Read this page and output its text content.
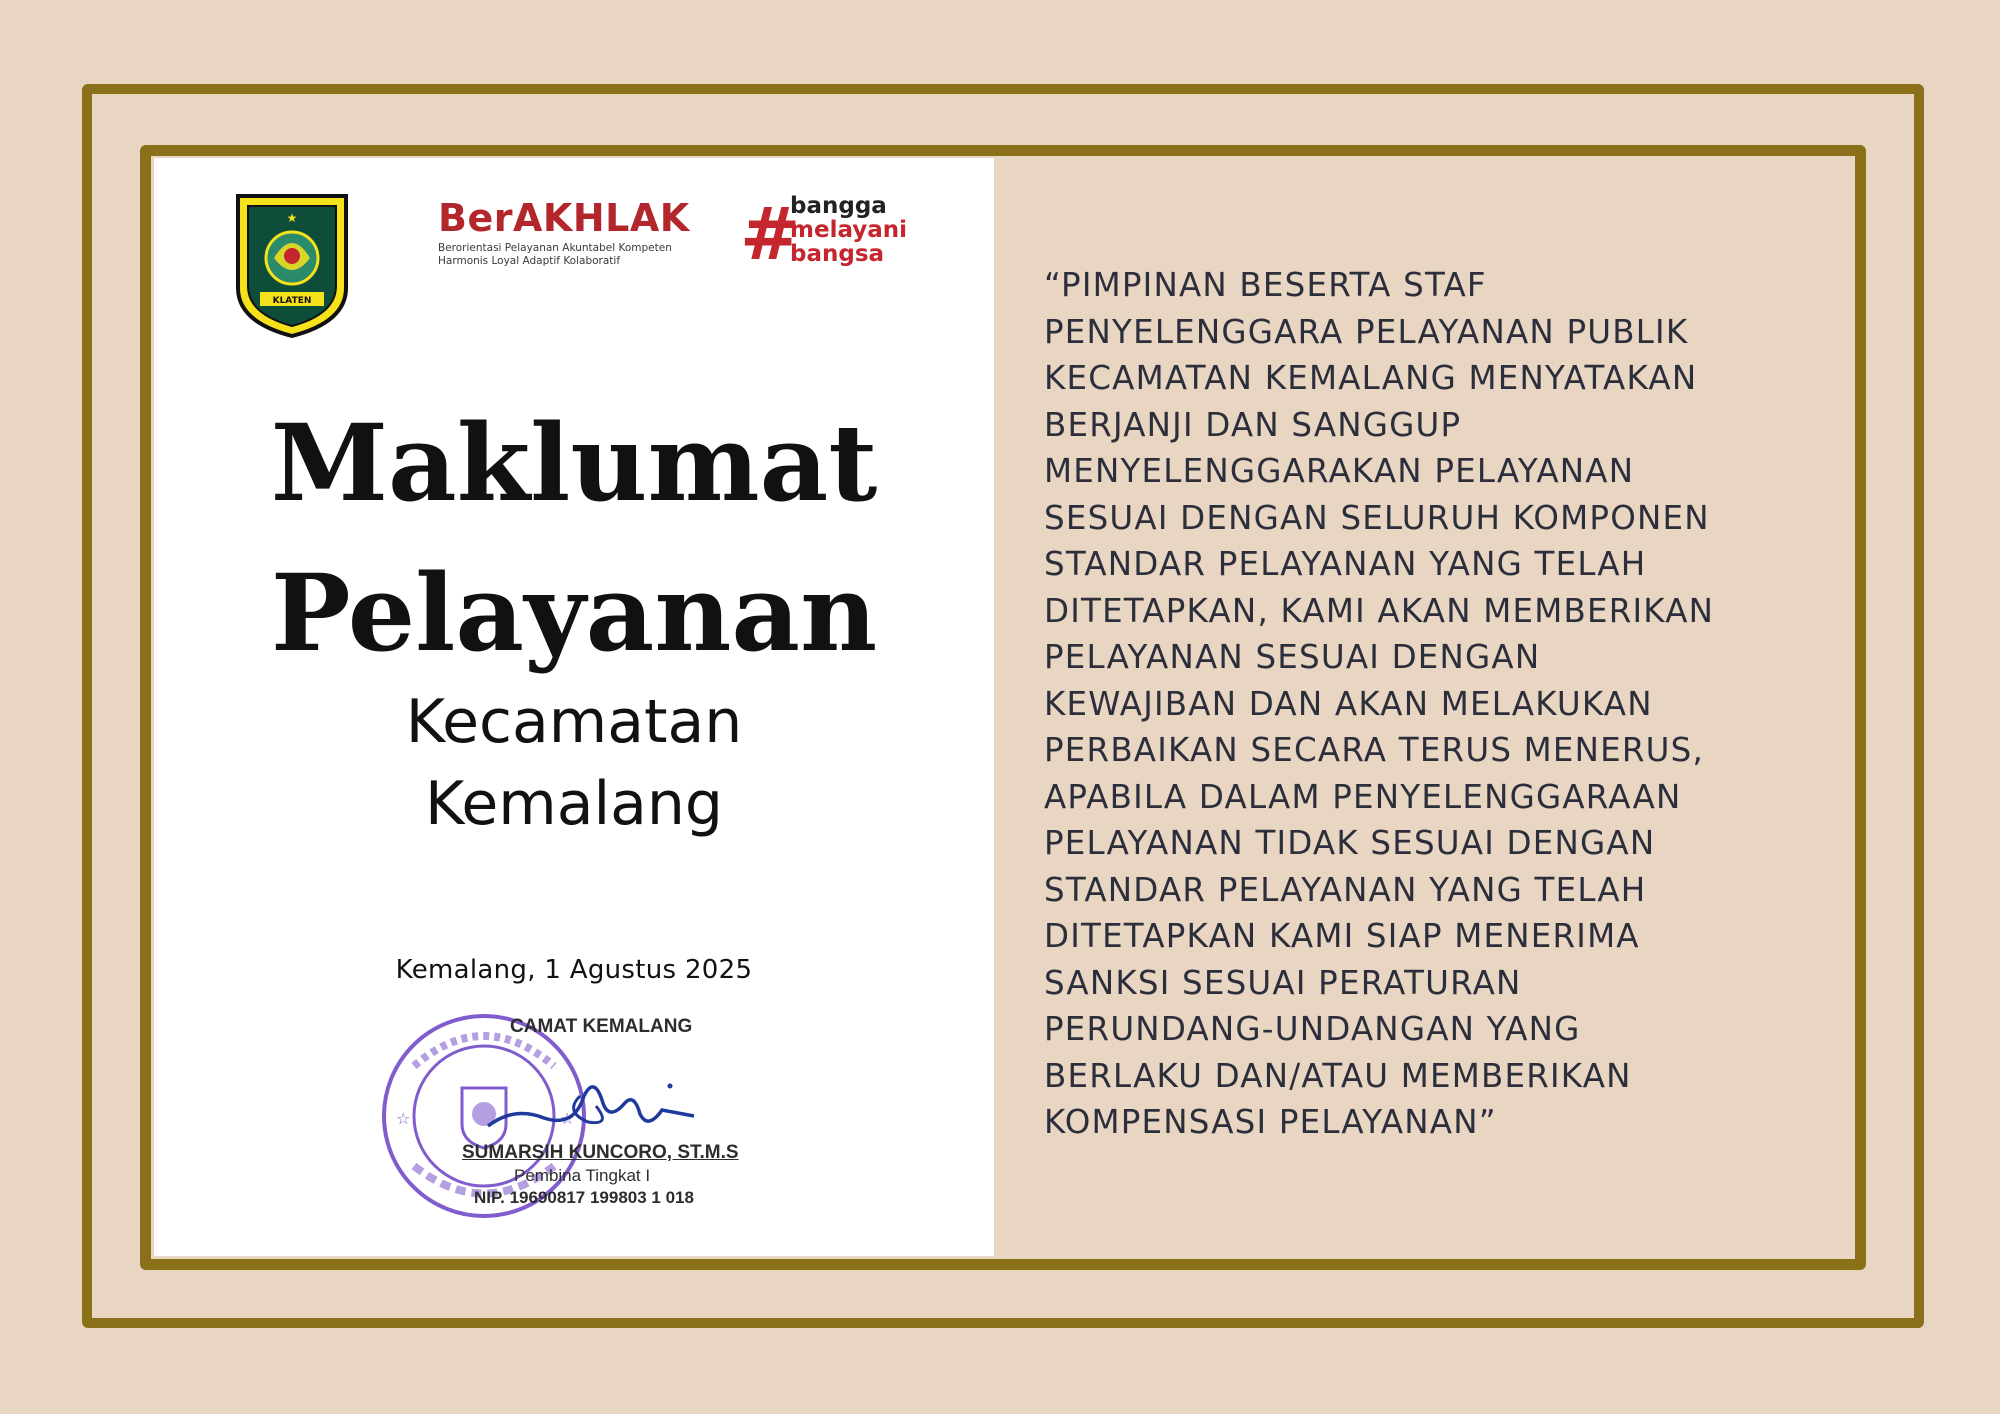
KLATEN
★	BerAKHLAK
Berorientasi Pelayanan Akuntabel Kompeten
Harmonis Loyal Adaptif Kolaboratif	#
bangga
melayani
bangsa
Maklumat
Pelayanan
Kecamatan
Kemalang
Kemalang, 1 Agustus 2025
☆	☆
CAMAT KEMALANG
SUMARSIH KUNCORO, ST.M.S
Pembina Tingkat I
NIP. 19690817 199803 1 018
“PIMPINAN BESERTA STAF
PENYELENGGARA PELAYANAN PUBLIK
KECAMATAN KEMALANG MENYATAKAN
BERJANJI DAN SANGGUP
MENYELENGGARAKAN PELAYANAN
SESUAI DENGAN SELURUH KOMPONEN
STANDAR PELAYANAN YANG TELAH
DITETAPKAN, KAMI AKAN MEMBERIKAN
PELAYANAN SESUAI DENGAN
KEWAJIBAN DAN AKAN MELAKUKAN
PERBAIKAN SECARA TERUS MENERUS,
APABILA DALAM PENYELENGGARAAN
PELAYANAN TIDAK SESUAI DENGAN
STANDAR PELAYANAN YANG TELAH
DITETAPKAN KAMI SIAP MENERIMA
SANKSI SESUAI PERATURAN
PERUNDANG-UNDANGAN YANG
BERLAKU DAN/ATAU MEMBERIKAN
KOMPENSASI PELAYANAN”
